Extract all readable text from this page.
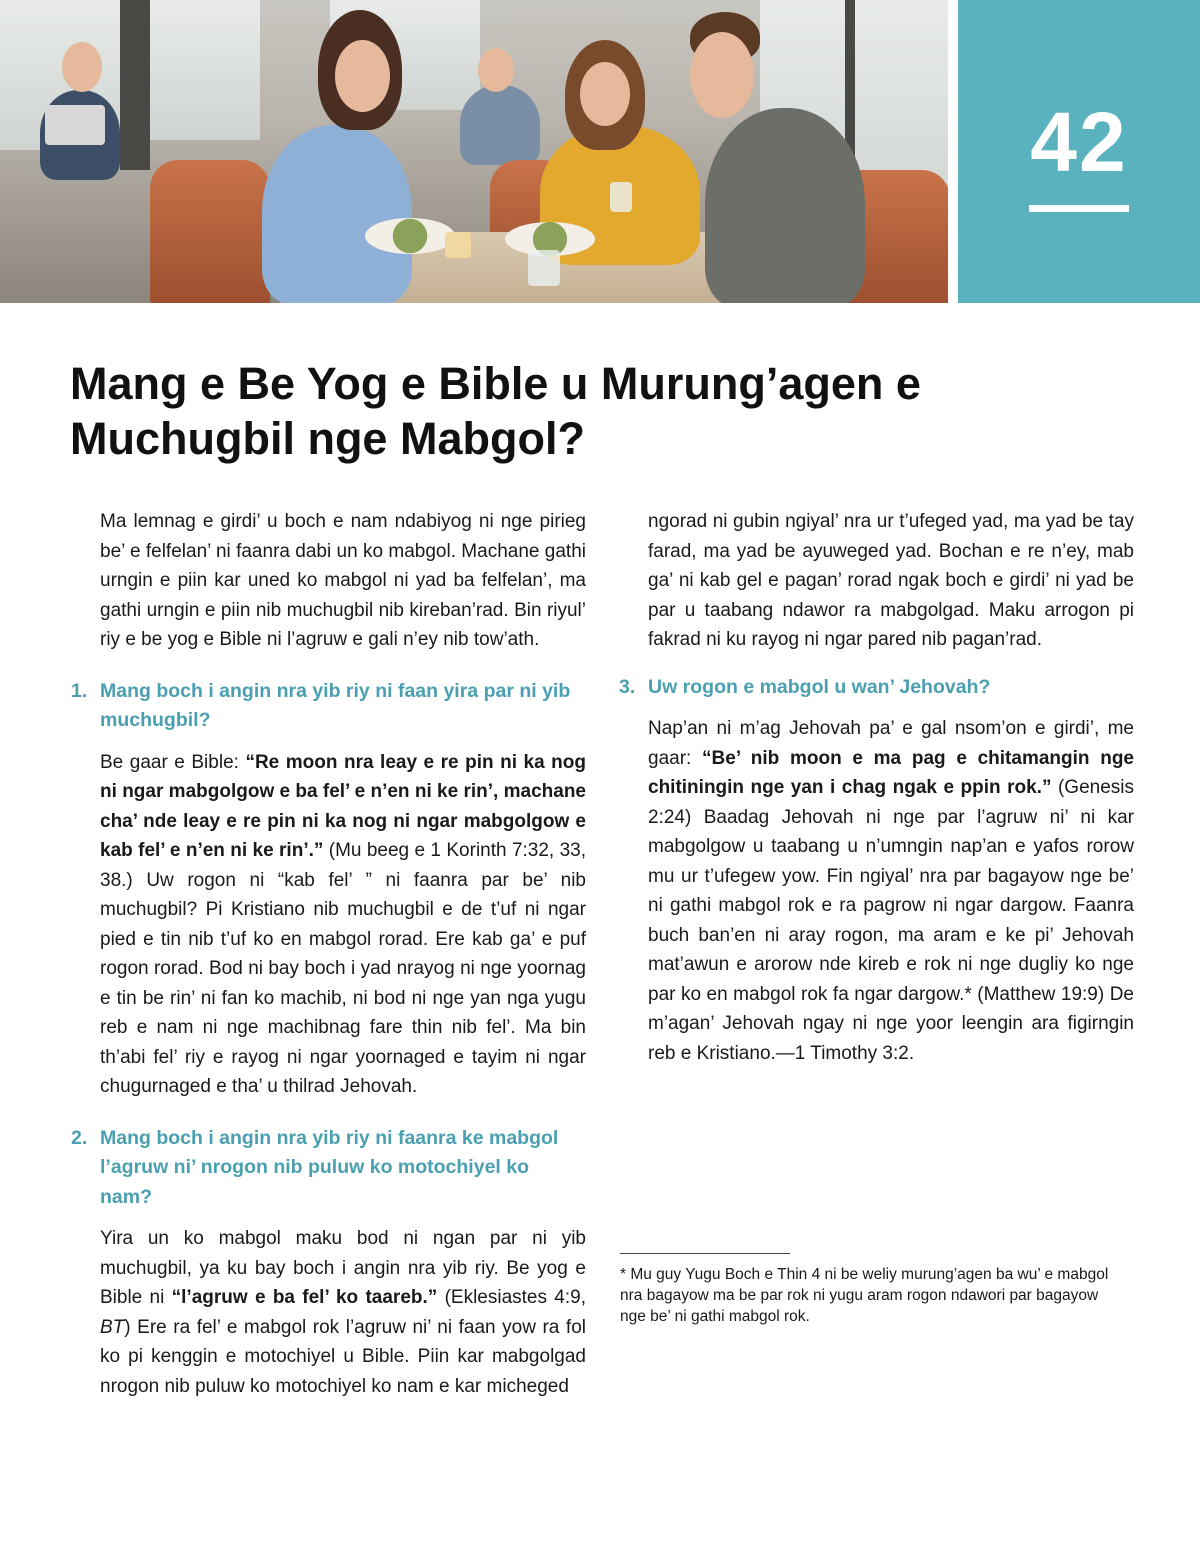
42
Mang e Be Yog e Bible u Murung’agen e Muchugbil nge Mabgol?

Ma lemnag e girdi’ u boch e nam ndabiyog ni nge pirieg be’ e felfelan’ ni faanra dabi un ko mabgol. Machane gathi urngin e piin kar uned ko mabgol ni yad ba felfelan’, ma gathi urngin e piin nib muchugbil nib kireban’rad. Bin riyul’ riy e be yog e Bible ni l’agruw e gali n’ey nib tow’ath.

1. Mang boch i angin nra yib riy ni faan yira par ni yib muchugbil?

Be gaar e Bible: “Re moon nra leay e re pin ni ka nog ni ngar mabgolgow e ba fel’ e n’en ni ke rin’, machane cha’ nde leay e re pin ni ka nog ni ngar mabgolgow e kab fel’ e n’en ni ke rin’.” (Mu beeg e 1 Korinth 7:32, 33, 38.) Uw rogon ni “kab fel’ ” ni faanra par be’ nib muchugbil? Pi Kristiano nib muchugbil e de t’uf ni ngar pied e tin nib t’uf ko en mabgol rorad. Ere kab ga’ e puf rogon rorad. Bod ni bay boch i yad nrayog ni nge yoornag e tin be rin’ ni fan ko machib, ni bod ni nge yan nga yugu reb e nam ni nge machibnag fare thin nib fel’. Ma bin th’abi fel’ riy e rayog ni ngar yoornaged e tayim ni ngar chugurnaged e tha’ u thilrad Jehovah.

2. Mang boch i angin nra yib riy ni faanra ke mabgol l’agruw ni’ nrogon nib puluw ko motochiyel ko nam?

Yira un ko mabgol maku bod ni ngan par ni yib muchugbil, ya ku bay boch i angin nra yib riy. Be yog e Bible ni “l’agruw e ba fel’ ko taareb.” (Eklesiastes 4:9, BT) Ere ra fel’ e mabgol rok l’agruw ni’ ni faan yow ra fol ko pi kenggin e motochiyel u Bible. Piin kar mabgolgad nrogon nib puluw ko motochiyel ko nam e kar micheged

ngorad ni gubin ngiyal’ nra ur t’ufeged yad, ma yad be tay farad, ma yad be ayuweged yad. Bochan e re n’ey, mab ga’ ni kab gel e pagan’ rorad ngak boch e girdi’ ni yad be par u taabang ndawor ra mabgolgad. Maku arrogon pi fakrad ni ku rayog ni ngar pared nib pagan’rad.

3. Uw rogon e mabgol u wan’ Jehovah?

Nap’an ni m’ag Jehovah pa’ e gal nsom’on e girdi’, me gaar: “Be’ nib moon e ma pag e chitamangin nge chitiningin nge yan i chag ngak e ppin rok.” (Genesis 2:24) Baadag Jehovah ni nge par l’agruw ni’ ni kar mabgolgow u taabang u n’umngin nap’an e yafos rorow mu ur t’ufegew yow. Fin ngiyal’ nra par bagayow nge be’ ni gathi mabgol rok e ra pagrow ni ngar dargow. Faanra buch ban’en ni aray rogon, ma aram e ke pi’ Jehovah mat’awun e arorow nde kireb e rok ni nge dugliy ko nge par ko en mabgol rok fa ngar dargow.* (Matthew 19:9) De m’agan’ Jehovah ngay ni nge yoor leengin ara figirngin reb e Kristiano.—1 Timothy 3:2.

* Mu guy Yugu Boch e Thin 4 ni be weliy murung’agen ba wu’ e mabgol nra bagayow ma be par rok ni yugu aram rogon ndawori par bagayow nge be’ ni gathi mabgol rok.
